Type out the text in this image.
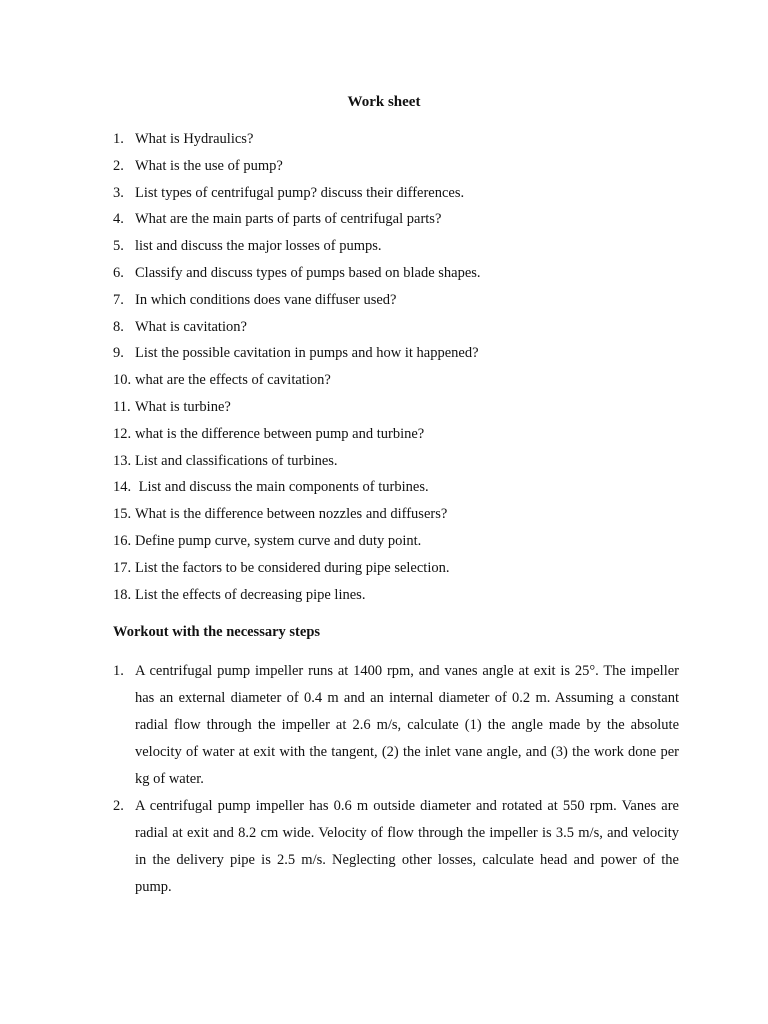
Work sheet
1. What is Hydraulics?
2. What is the use of pump?
3. List types of centrifugal pump? discuss their differences.
4. What are the main parts of parts of centrifugal parts?
5. list and discuss the major losses of pumps.
6. Classify and discuss types of pumps based on blade shapes.
7. In which conditions does vane diffuser used?
8. What is cavitation?
9. List the possible cavitation in pumps and how it happened?
10. what are the effects of cavitation?
11. What is turbine?
12. what is the difference between pump and turbine?
13. List and classifications of turbines.
14. List and discuss the main components of turbines.
15. What is the difference between nozzles and diffusers?
16. Define pump curve, system curve and duty point.
17. List the factors to be considered during pipe selection.
18. List the effects of decreasing pipe lines.
Workout with the necessary steps
1. A centrifugal pump impeller runs at 1400 rpm, and vanes angle at exit is 25°. The impeller has an external diameter of 0.4 m and an internal diameter of 0.2 m. Assuming a constant radial flow through the impeller at 2.6 m/s, calculate (1) the angle made by the absolute velocity of water at exit with the tangent, (2) the inlet vane angle, and (3) the work done per kg of water.
2. A centrifugal pump impeller has 0.6 m outside diameter and rotated at 550 rpm. Vanes are radial at exit and 8.2 cm wide. Velocity of flow through the impeller is 3.5 m/s, and velocity in the delivery pipe is 2.5 m/s. Neglecting other losses, calculate head and power of the pump.
